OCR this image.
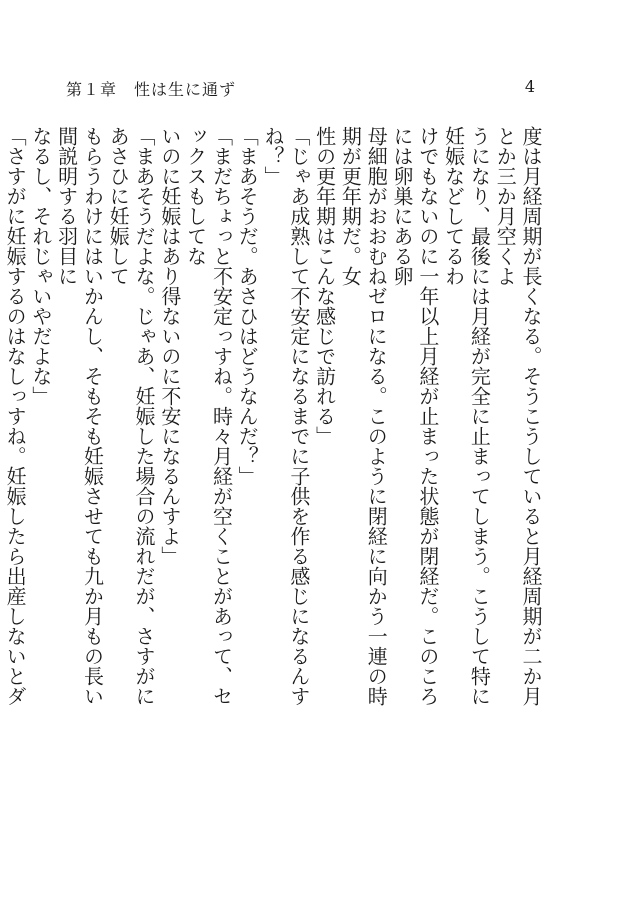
第１章　性は生に通ず	4

度は月経周期が長くなる。そうこうしていると月経周期が二か月とか三か月空くよ

うになり、最後には月経が完全に止まってしまう。こうして特に妊娠などしてるわ

けでもないのに一年以上月経が止まった状態が閉経だ。このころには卵巣にある卵

母細胞がおおむねゼロになる。このように閉経に向かう一連の時期が更年期だ。女

性の更年期はこんな感じで訪れる」

「じゃあ成熟して不安定になるまでに子供を作る感じになるんすね？」

「まあそうだ。あさひはどうなんだ？」

「まだちょっと不安定っすね。時々月経が空くことがあって、セックスもしてな

いのに妊娠はあり得ないのに不安になるんすよ」

「まあそうだよな。じゃあ、妊娠した場合の流れだが、さすがにあさひに妊娠して

もらうわけにはいかんし、そもそも妊娠させても九か月もの長い間説明する羽目に

なるし、それじゃいやだよな」

「さすがに妊娠するのはなしっすね。妊娠したら出産しないとダ
